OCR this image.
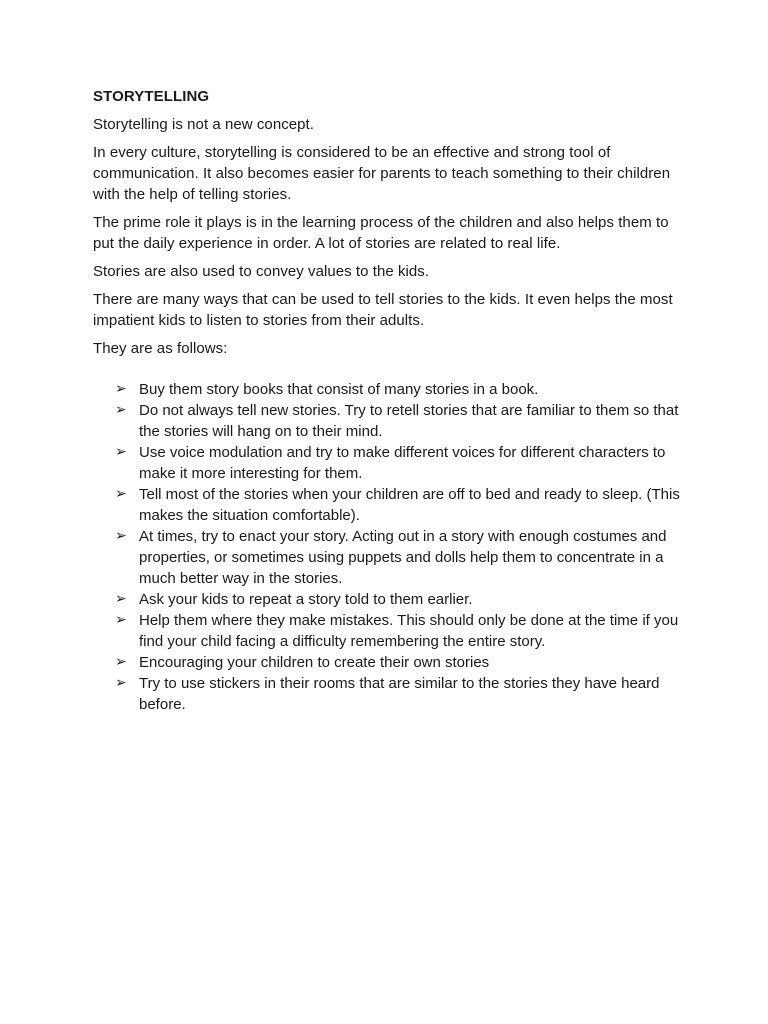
STORYTELLING

Storytelling is not a new concept.

In every culture, storytelling is considered to be an effective and strong tool of communication. It also becomes easier for parents to teach something to their children with the help of telling stories.

The prime role it plays is in the learning process of the children and also helps them to put the daily experience in order. A lot of stories are related to real life.

Stories are also used to convey values to the kids.

There are many ways that can be used to tell stories to the kids. It even helps the most impatient kids to listen to stories from their adults.

They are as follows:

➢ Buy them story books that consist of many stories in a book.
➢ Do not always tell new stories. Try to retell stories that are familiar to them so that the stories will hang on to their mind.
➢ Use voice modulation and try to make different voices for different characters to make it more interesting for them.
➢ Tell most of the stories when your children are off to bed and ready to sleep. (This makes the situation comfortable).
➢ At times, try to enact your story. Acting out in a story with enough costumes and properties, or sometimes using puppets and dolls help them to concentrate in a much better way in the stories.
➢ Ask your kids to repeat a story told to them earlier.
➢ Help them where they make mistakes. This should only be done at the time if you find your child facing a difficulty remembering the entire story.
➢ Encouraging your children to create their own stories
➢ Try to use stickers in their rooms that are similar to the stories they have heard before.
